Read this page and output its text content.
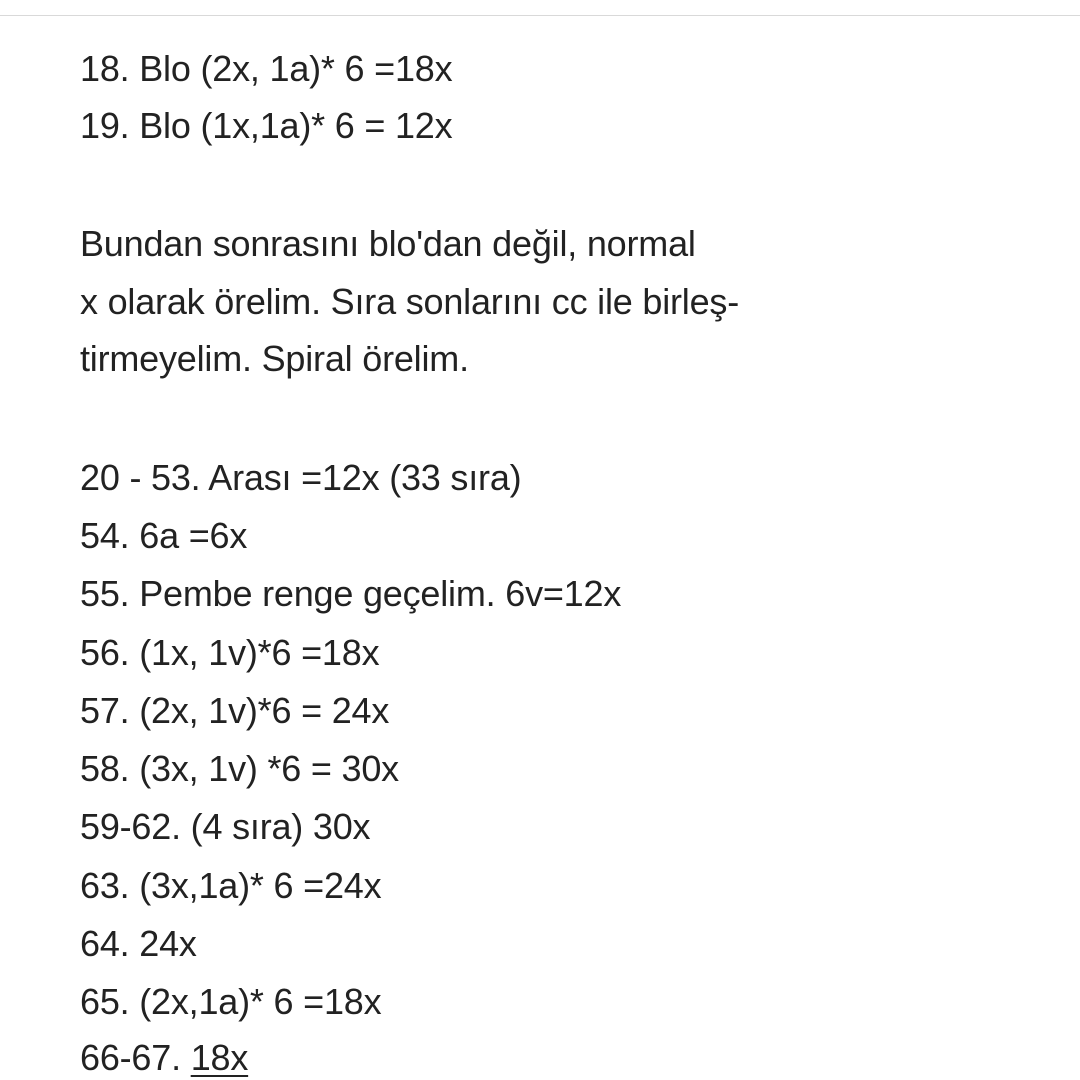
18. Blo (2x, 1a)* 6 =18x
19. Blo (1x,1a)* 6 = 12x
Bundan sonrasını blo'dan değil, normal
x olarak örelim. Sıra sonlarını cc ile birleş-
tirmeyelim. Spiral örelim.
20 - 53. Arası =12x (33 sıra)
54. 6a =6x
55. Pembe renge geçelim. 6v=12x
56. (1x, 1v)*6 =18x
57. (2x, 1v)*6 = 24x
58. (3x, 1v) *6 = 30x
59-62. (4 sıra) 30x
63. (3x,1a)* 6 =24x
64. 24x
65. (2x,1a)* 6 =18x
66-67. 18x
